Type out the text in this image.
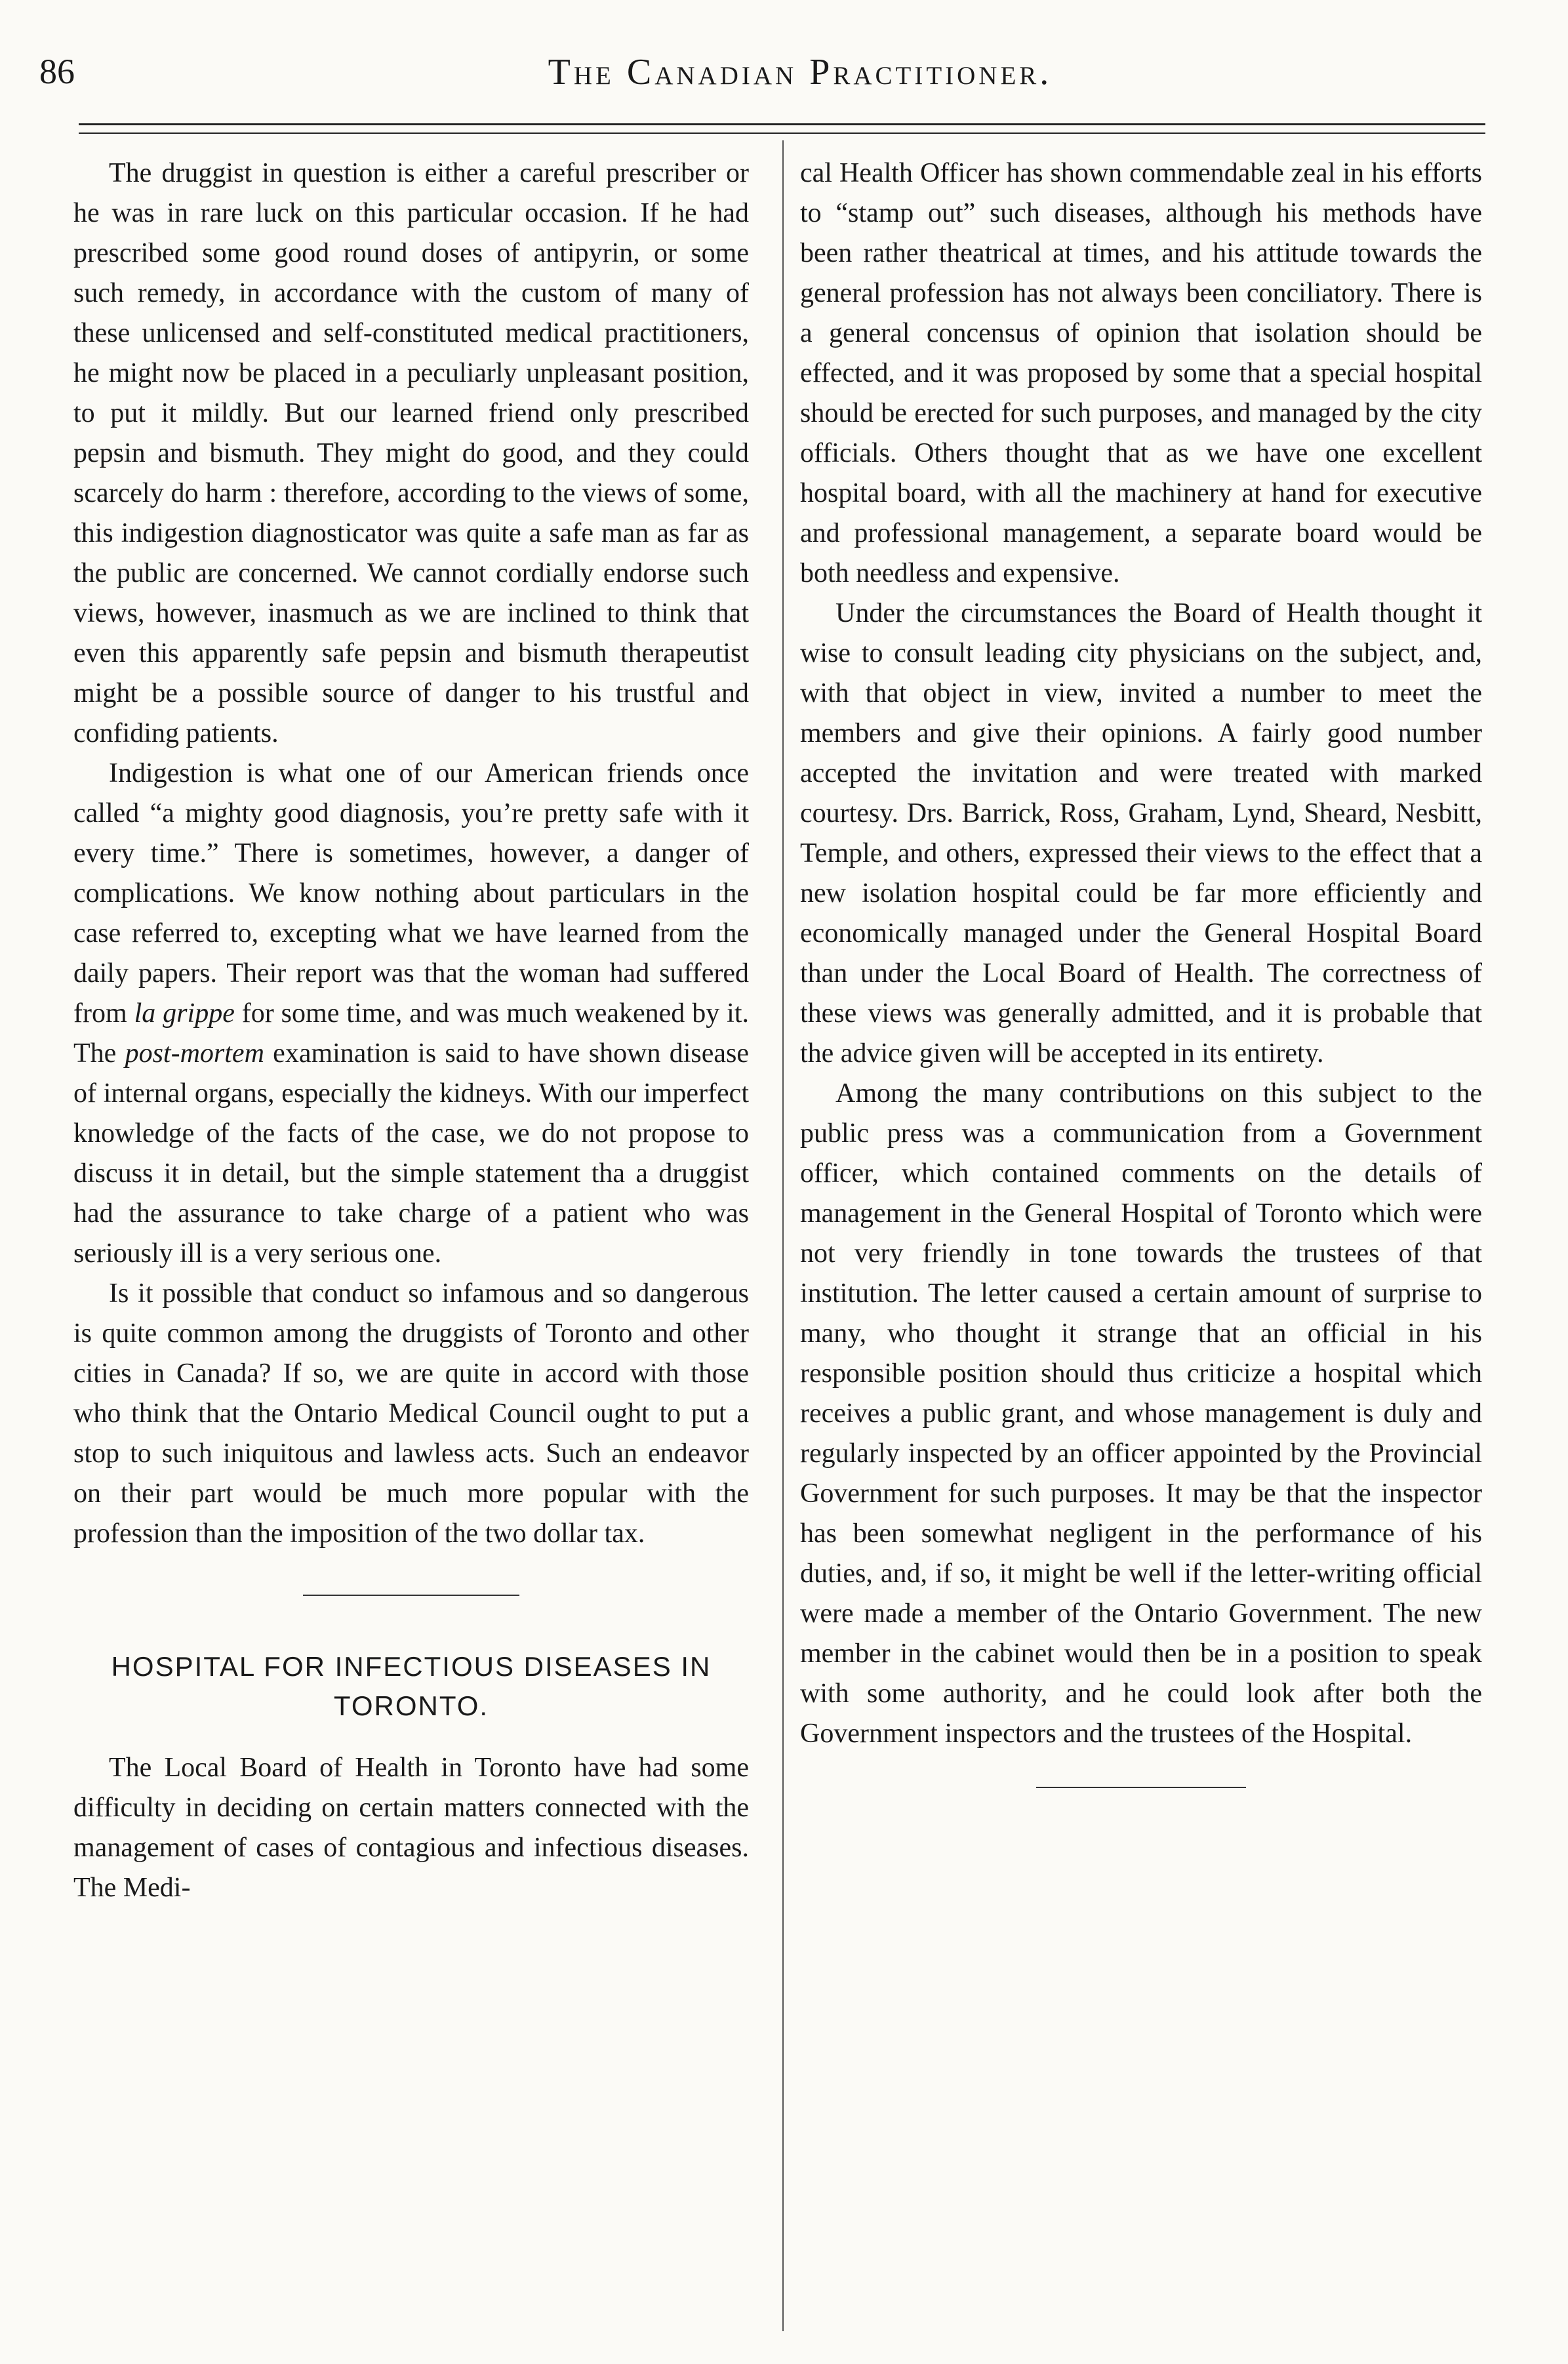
86	The Canadian Practitioner.

The druggist in question is either a careful prescriber or he was in rare luck on this particular occasion. If he had prescribed some good round doses of antipyrin, or some such remedy, in accordance with the custom of many of these unlicensed and self-constituted medical practitioners, he might now be placed in a peculiarly unpleasant position, to put it mildly. But our learned friend only prescribed pepsin and bismuth. They might do good, and they could scarcely do harm : therefore, according to the views of some, this indigestion diagnosticator was quite a safe man as far as the public are concerned. We cannot cordially endorse such views, however, inasmuch as we are inclined to think that even this apparently safe pepsin and bismuth therapeutist might be a possible source of danger to his trustful and confiding patients.

Indigestion is what one of our American friends once called “a mighty good diagnosis, you’re pretty safe with it every time.” There is sometimes, however, a danger of complications. We know nothing about particulars in the case referred to, excepting what we have learned from the daily papers. Their report was that the woman had suffered from la grippe for some time, and was much weakened by it. The post-mortem examination is said to have shown disease of internal organs, especially the kidneys. With our imperfect knowledge of the facts of the case, we do not propose to discuss it in detail, but the simple statement tha a druggist had the assurance to take charge of a patient who was seriously ill is a very serious one.

Is it possible that conduct so infamous and so dangerous is quite common among the druggists of Toronto and other cities in Canada? If so, we are quite in accord with those who think that the Ontario Medical Council ought to put a stop to such iniquitous and lawless acts. Such an endeavor on their part would be much more popular with the profession than the imposition of the two dollar tax.

HOSPITAL FOR INFECTIOUS DISEASES IN TORONTO.

The Local Board of Health in Toronto have had some difficulty in deciding on certain matters connected with the management of cases of contagious and infectious diseases. The Medi-

cal Health Officer has shown commendable zeal in his efforts to “stamp out” such diseases, although his methods have been rather theatrical at times, and his attitude towards the general profession has not always been conciliatory. There is a general concensus of opinion that isolation should be effected, and it was proposed by some that a special hospital should be erected for such purposes, and managed by the city officials. Others thought that as we have one excellent hospital board, with all the machinery at hand for executive and professional management, a separate board would be both needless and expensive.

Under the circumstances the Board of Health thought it wise to consult leading city physicians on the subject, and, with that object in view, invited a number to meet the members and give their opinions. A fairly good number accepted the invitation and were treated with marked courtesy. Drs. Barrick, Ross, Graham, Lynd, Sheard, Nesbitt, Temple, and others, expressed their views to the effect that a new isolation hospital could be far more efficiently and economically managed under the General Hospital Board than under the Local Board of Health. The correctness of these views was generally admitted, and it is probable that the advice given will be accepted in its entirety.

Among the many contributions on this subject to the public press was a communication from a Government officer, which contained comments on the details of management in the General Hospital of Toronto which were not very friendly in tone towards the trustees of that institution. The letter caused a certain amount of surprise to many, who thought it strange that an official in his responsible position should thus criticize a hospital which receives a public grant, and whose management is duly and regularly inspected by an officer appointed by the Provincial Government for such purposes. It may be that the inspector has been somewhat negligent in the performance of his duties, and, if so, it might be well if the letter-writing official were made a member of the Ontario Government. The new member in the cabinet would then be in a position to speak with some authority, and he could look after both the Government inspectors and the trustees of the Hospital.
